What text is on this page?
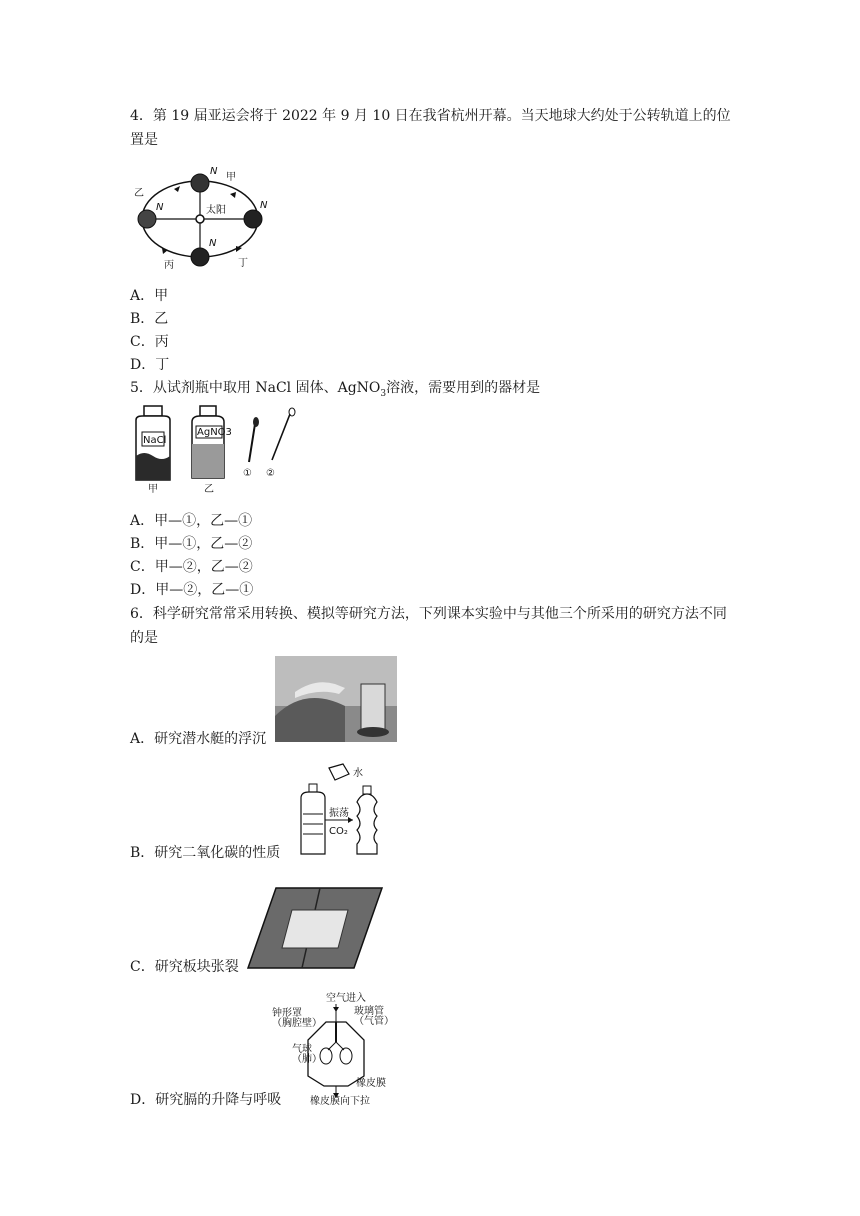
4．第 19 届亚运会将于 2022 年 9 月 10 日在我省杭州开幕。当天地球大约处于公转轨道上的位置是
太阳
甲
乙
丙	丁
N
N
N
N
A．甲
B．乙
C．丙
D．丁
5．从试剂瓶中取用 NaCl 固体、AgNO$_3$溶液，需要用到的器材是
NaCl
甲
AgNO3
乙
① ②
A．甲—①，乙—①
B．甲—①，乙—②
C．甲—②，乙—②
D．甲—②，乙—①
6．科学研究常常采用转换、模拟等研究方法，下列课本实验中与其他三个所采用的研究方法不同的是
A．研究潜水艇的浮沉
水
振荡
CO₂
B．研究二氧化碳的性质
C．研究板块张裂
空气进入
玻璃管
（气管）
钟形罩
（胸腔壁）
气球
（肺）
橡皮膜
橡皮膜向下拉
D．研究膈的升降与呼吸
